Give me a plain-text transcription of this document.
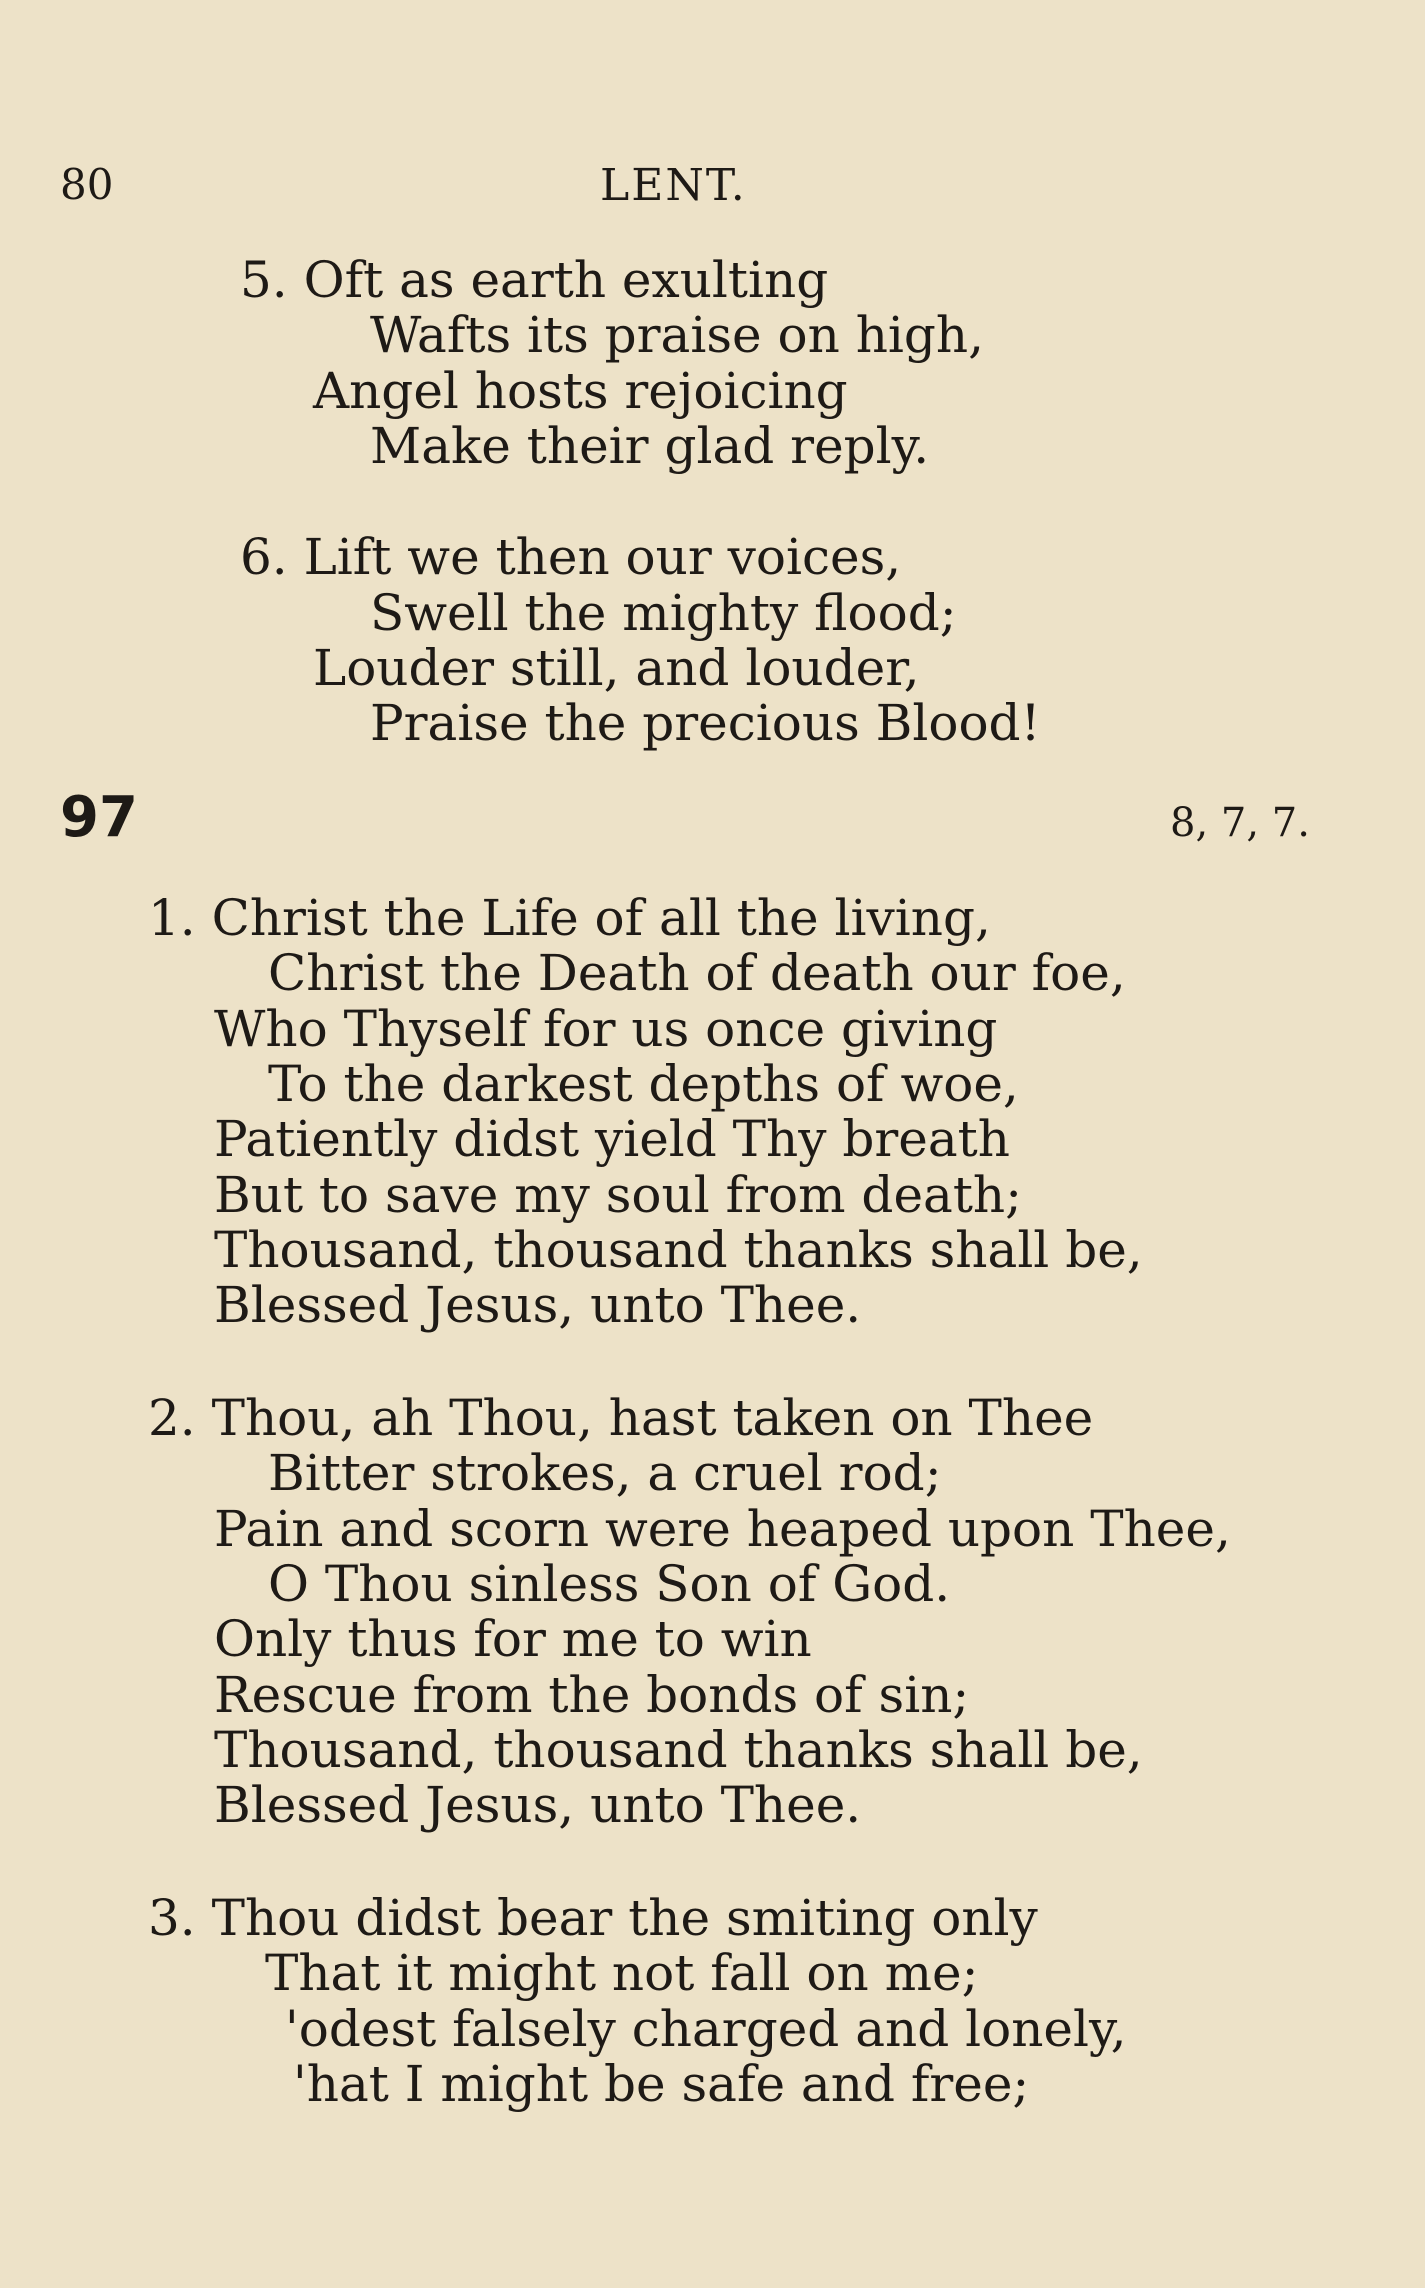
80	LENT.
5. Oft as earth exulting
Wafts its praise on high,
Angel hosts rejoicing
Make their glad reply.
6. Lift we then our voices,
Swell the mighty flood;
Louder still, and louder,
Praise the precious Blood!
97	8, 7, 7.
1. Christ the Life of all the living,
Christ the Death of death our foe,
Who Thyself for us once giving
To the darkest depths of woe,
Patiently didst yield Thy breath
But to save my soul from death;
Thousand, thousand thanks shall be,
Blessed Jesus, unto Thee.
2. Thou, ah Thou, hast taken on Thee
Bitter strokes, a cruel rod;
Pain and scorn were heaped upon Thee,
O Thou sinless Son of God.
Only thus for me to win
Rescue from the bonds of sin;
Thousand, thousand thanks shall be,
Blessed Jesus, unto Thee.
3. Thou didst bear the smiting only
That it might not fall on me;
'odest falsely charged and lonely,
'hat I might be safe and free;
